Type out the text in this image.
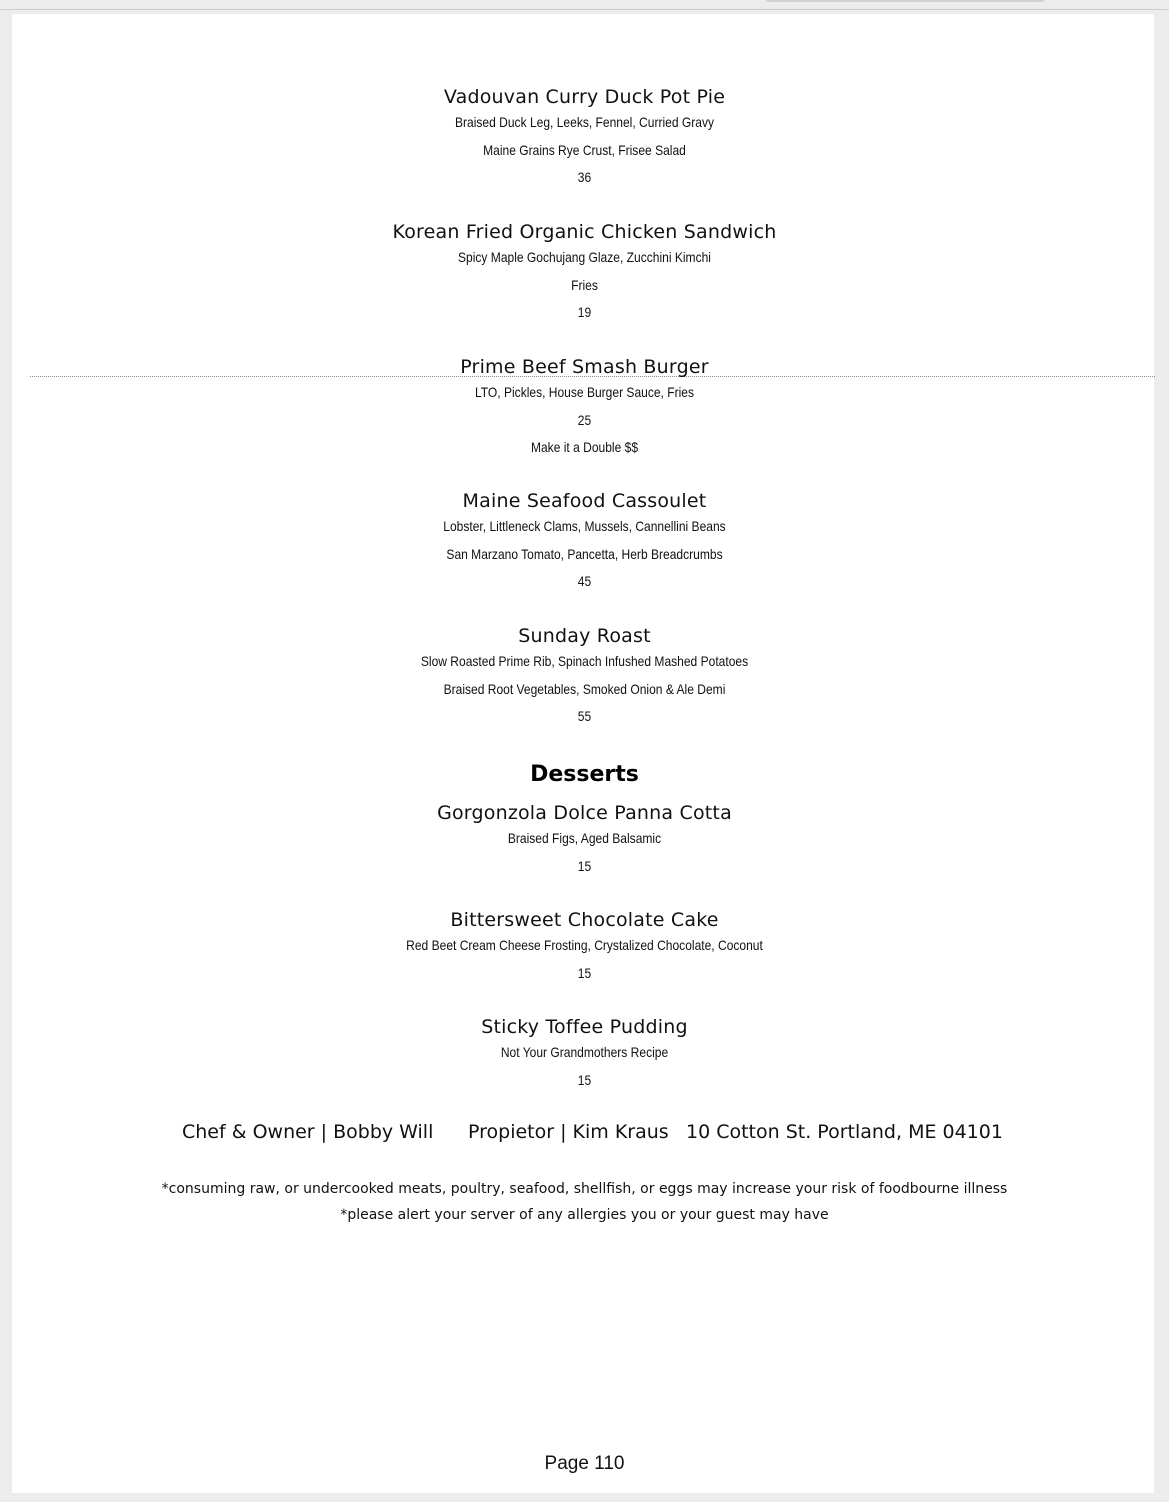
Vadouvan Curry Duck Pot Pie
Braised Duck Leg, Leeks, Fennel, Curried Gravy
Maine Grains Rye Crust, Frisee Salad
36
Korean Fried Organic Chicken Sandwich
Spicy Maple Gochujang Glaze, Zucchini Kimchi
Fries
19
Prime Beef Smash Burger
LTO, Pickles, House Burger Sauce, Fries
25
Make it a Double $$
Maine Seafood Cassoulet
Lobster, Littleneck Clams, Mussels, Cannellini Beans
San Marzano Tomato, Pancetta, Herb Breadcrumbs
45
Sunday Roast
Slow Roasted Prime Rib, Spinach Infushed Mashed Potatoes
Braised Root Vegetables, Smoked Onion & Ale Demi
55
Desserts
Gorgonzola Dolce Panna Cotta
Braised Figs, Aged Balsamic
15
Bittersweet Chocolate Cake
Red Beet Cream Cheese Frosting, Crystalized Chocolate, Coconut
15
Sticky Toffee Pudding
Not Your Grandmothers Recipe
15
Chef & Owner | Bobby Will Propietor | Kim Kraus 10 Cotton St. Portland, ME 04101
*consuming raw, or undercooked meats, poultry, seafood, shellfish, or eggs may increase your risk of foodbourne illness
*please alert your server of any allergies you or your guest may have
Page 110
